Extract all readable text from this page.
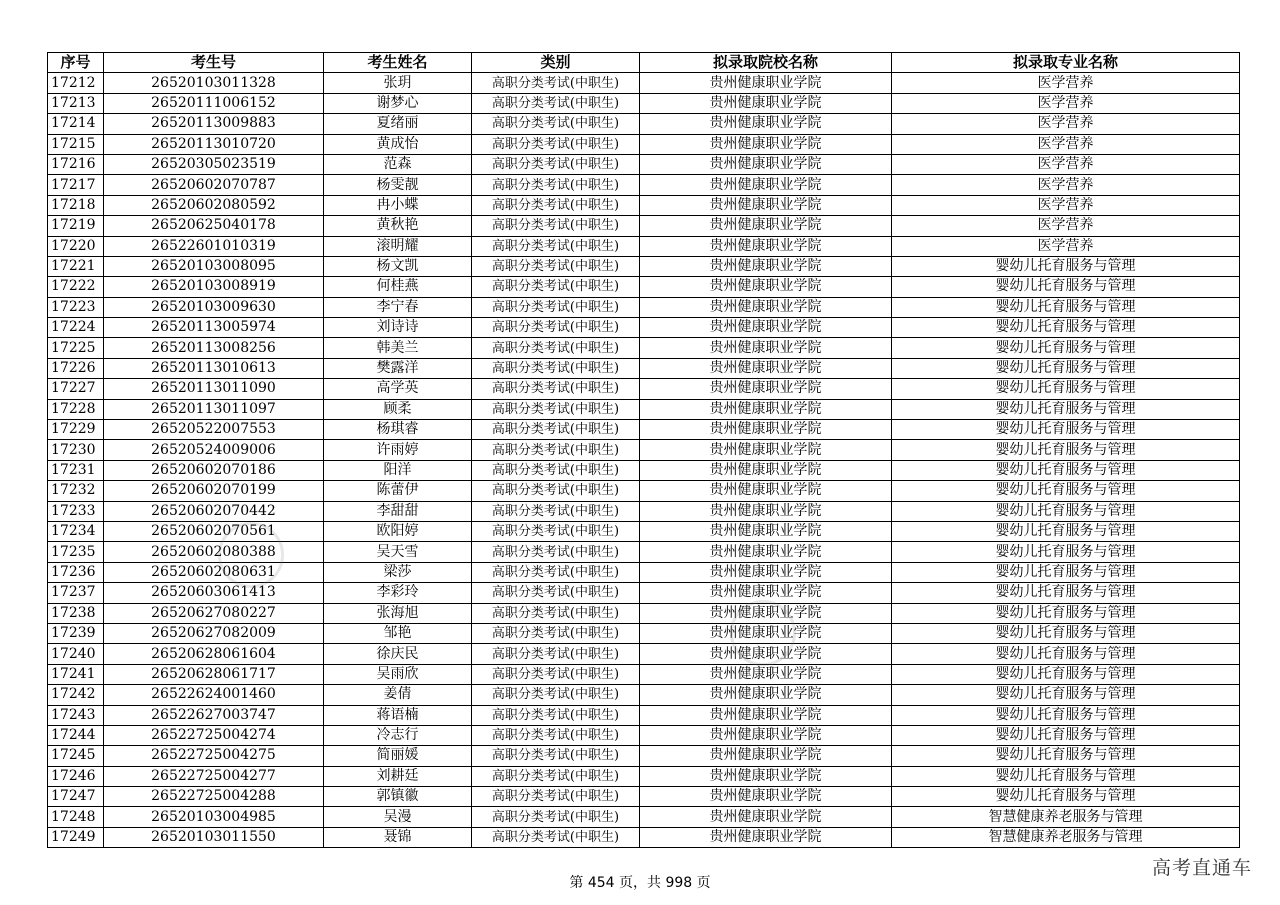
序号	考生号	考生姓名	类别	拟录取院校名称	拟录取专业名称
17212	26520103011328	张玥	高职分类考试(中职生)	贵州健康职业学院	医学营养
17213	26520111006152	谢梦心	高职分类考试(中职生)	贵州健康职业学院	医学营养
17214	26520113009883	夏绪丽	高职分类考试(中职生)	贵州健康职业学院	医学营养
17215	26520113010720	黄成怡	高职分类考试(中职生)	贵州健康职业学院	医学营养
17216	26520305023519	范森	高职分类考试(中职生)	贵州健康职业学院	医学营养
17217	26520602070787	杨雯靓	高职分类考试(中职生)	贵州健康职业学院	医学营养
17218	26520602080592	冉小蝶	高职分类考试(中职生)	贵州健康职业学院	医学营养
17219	26520625040178	黄秋艳	高职分类考试(中职生)	贵州健康职业学院	医学营养
17220	26522601010319	滚明耀	高职分类考试(中职生)	贵州健康职业学院	医学营养
17221	26520103008095	杨文凯	高职分类考试(中职生)	贵州健康职业学院	婴幼儿托育服务与管理
17222	26520103008919	何桂燕	高职分类考试(中职生)	贵州健康职业学院	婴幼儿托育服务与管理
17223	26520103009630	李宁春	高职分类考试(中职生)	贵州健康职业学院	婴幼儿托育服务与管理
17224	26520113005974	刘诗诗	高职分类考试(中职生)	贵州健康职业学院	婴幼儿托育服务与管理
17225	26520113008256	韩美兰	高职分类考试(中职生)	贵州健康职业学院	婴幼儿托育服务与管理
17226	26520113010613	樊露洋	高职分类考试(中职生)	贵州健康职业学院	婴幼儿托育服务与管理
17227	26520113011090	高学英	高职分类考试(中职生)	贵州健康职业学院	婴幼儿托育服务与管理
17228	26520113011097	顾柔	高职分类考试(中职生)	贵州健康职业学院	婴幼儿托育服务与管理
17229	26520522007553	杨琪睿	高职分类考试(中职生)	贵州健康职业学院	婴幼儿托育服务与管理
17230	26520524009006	许雨婷	高职分类考试(中职生)	贵州健康职业学院	婴幼儿托育服务与管理
17231	26520602070186	阳洋	高职分类考试(中职生)	贵州健康职业学院	婴幼儿托育服务与管理
17232	26520602070199	陈蕾伊	高职分类考试(中职生)	贵州健康职业学院	婴幼儿托育服务与管理
17233	26520602070442	李甜甜	高职分类考试(中职生)	贵州健康职业学院	婴幼儿托育服务与管理
17234	26520602070561	欧阳婷	高职分类考试(中职生)	贵州健康职业学院	婴幼儿托育服务与管理
17235	26520602080388	吴天雪	高职分类考试(中职生)	贵州健康职业学院	婴幼儿托育服务与管理
17236	26520602080631	梁莎	高职分类考试(中职生)	贵州健康职业学院	婴幼儿托育服务与管理
17237	26520603061413	李彩玲	高职分类考试(中职生)	贵州健康职业学院	婴幼儿托育服务与管理
17238	26520627080227	张海旭	高职分类考试(中职生)	贵州健康职业学院	婴幼儿托育服务与管理
17239	26520627082009	邹艳	高职分类考试(中职生)	贵州健康职业学院	婴幼儿托育服务与管理
17240	26520628061604	徐庆民	高职分类考试(中职生)	贵州健康职业学院	婴幼儿托育服务与管理
17241	26520628061717	吴雨欣	高职分类考试(中职生)	贵州健康职业学院	婴幼儿托育服务与管理
17242	26522624001460	姜倩	高职分类考试(中职生)	贵州健康职业学院	婴幼儿托育服务与管理
17243	26522627003747	蒋语楠	高职分类考试(中职生)	贵州健康职业学院	婴幼儿托育服务与管理
17244	26522725004274	冷志行	高职分类考试(中职生)	贵州健康职业学院	婴幼儿托育服务与管理
17245	26522725004275	简丽媛	高职分类考试(中职生)	贵州健康职业学院	婴幼儿托育服务与管理
17246	26522725004277	刘耕廷	高职分类考试(中职生)	贵州健康职业学院	婴幼儿托育服务与管理
17247	26522725004288	郭镇徽	高职分类考试(中职生)	贵州健康职业学院	婴幼儿托育服务与管理
17248	26520103004985	吴漫	高职分类考试(中职生)	贵州健康职业学院	智慧健康养老服务与管理
17249	26520103011550	聂锦	高职分类考试(中职生)	贵州健康职业学院	智慧健康养老服务与管理
第 454 页，共 998 页
高考直通车
